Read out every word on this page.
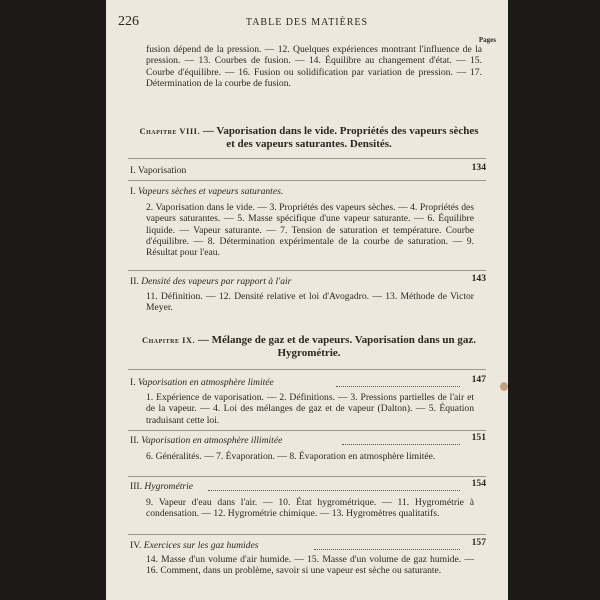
226	TABLE DES MATIÈRES
Pages
fusion dépend de la pression. — 12. Quelques expériences montrant l'influence de la pression. — 13. Courbes de fusion. — 14. Équilibre au changement d'état. — 15. Courbe d'équilibre. — 16. Fusion ou solidification par variation de pression. — 17. Détermination de la courbe de fusion.
Chapitre VIII. — Vaporisation dans le vide. Propriétés des vapeurs sèches et des vapeurs saturantes. Densités.
I. Vaporisation	134
I. Vapeurs sèches et vapeurs saturantes.
2. Vaporisation dans le vide. — 3. Propriétés des vapeurs sèches. — 4. Propriétés des vapeurs saturantes. — 5. Masse spécifique d'une vapeur saturante. — 6. Équilibre liquide. — Vapeur saturante. — 7. Tension de saturation et température. Courbe d'équilibre. — 8. Détermination expérimentale de la courbe de saturation. — 9. Résultat pour l'eau.
II. Densité des vapeurs par rapport à l'air	143
11. Définition. — 12. Densité relative et loi d'Avogadro. — 13. Méthode de Victor Meyer.
Chapitre IX. — Mélange de gaz et de vapeurs. Vaporisation dans un gaz. Hygrométrie.
I. Vaporisation en atmosphère limitée	147
1. Expérience de vaporisation. — 2. Définitions. — 3. Pressions partielles de l'air et de la vapeur. — 4. Loi des mélanges de gaz et de vapeur (Dalton). — 5. Équation traduisant cette loi.
II. Vaporisation en atmosphère illimitée	151
6. Généralités. — 7. Évaporation. — 8. Évaporation en atmosphère limitée.
III. Hygrométrie	154
9. Vapeur d'eau dans l'air. — 10. État hygrométrique. — 11. Hygrométrie à condensation. — 12. Hygrométrie chimique. — 13. Hygromètres qualitatifs.
IV. Exercices sur les gaz humides	157
14. Masse d'un volume d'air humide. — 15. Masse d'un volume de gaz humide. — 16. Comment, dans un problème, savoir si une vapeur est sèche ou saturante.
